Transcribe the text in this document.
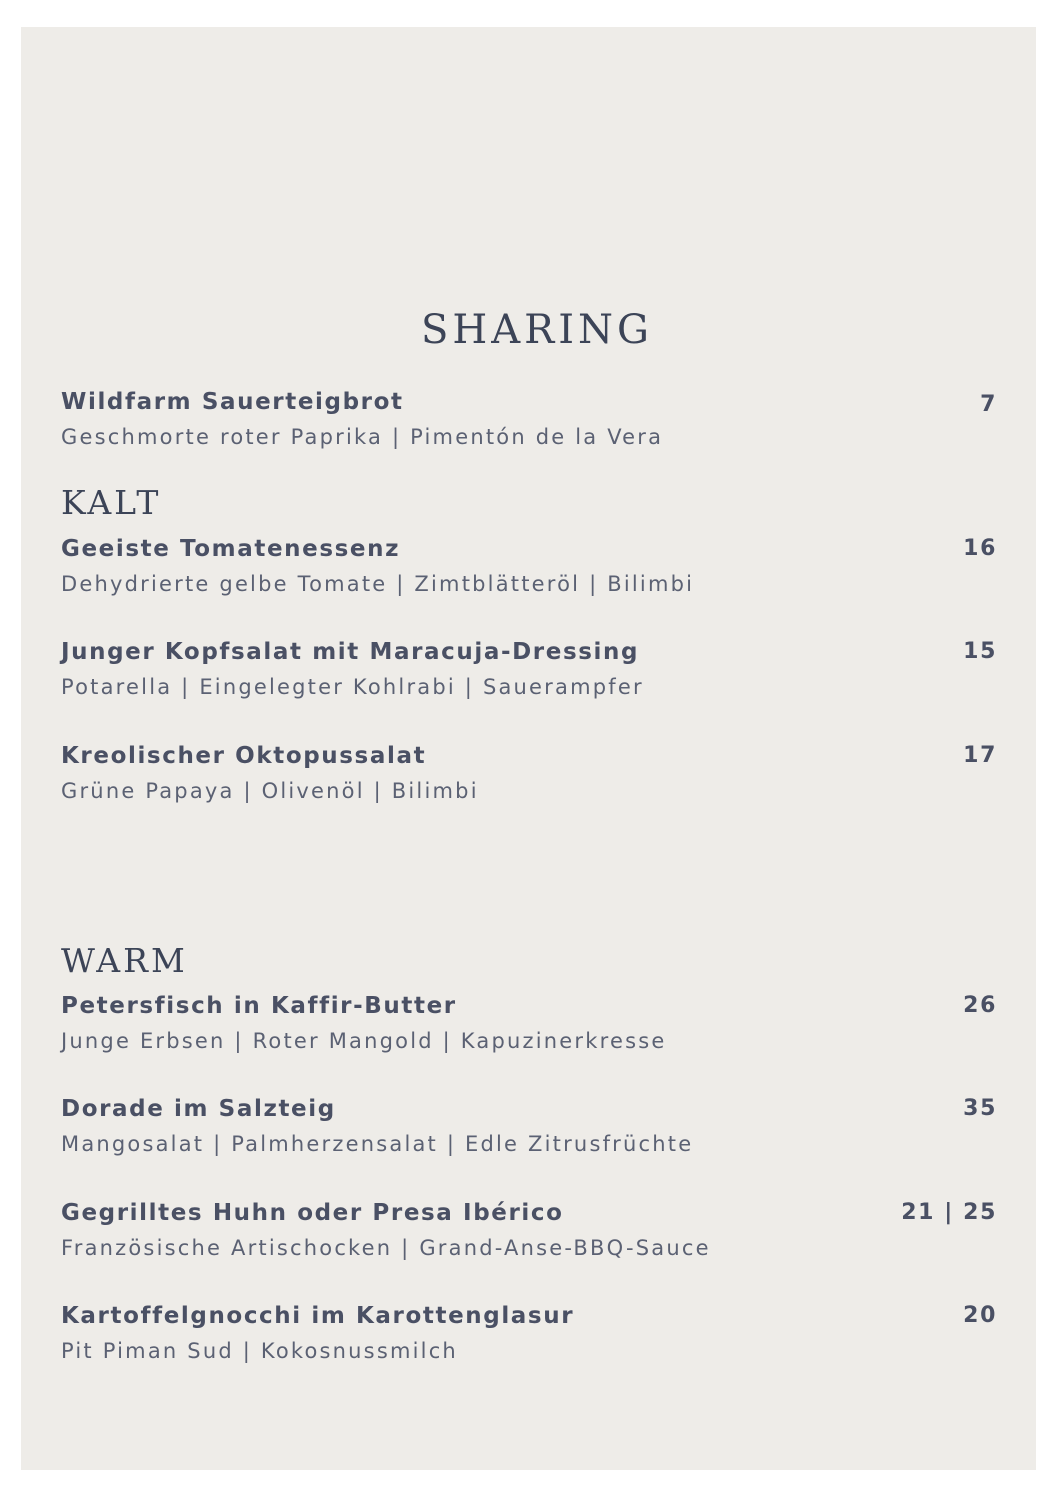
SHARING
Wildfarm Sauerteigbrot	7
Geschmorte roter Paprika | Pimentón de la Vera
KALT
Geeiste Tomatenessenz	16
Dehydrierte gelbe Tomate | Zimtblätteröl | Bilimbi
Junger Kopfsalat mit Maracuja-Dressing	15
Potarella | Eingelegter Kohlrabi | Sauerampfer
Kreolischer Oktopussalat	17
Grüne Papaya | Olivenöl | Bilimbi
WARM
Petersfisch in Kaffir-Butter	26
Junge Erbsen | Roter Mangold | Kapuzinerkresse
Dorade im Salzteig	35
Mangosalat | Palmherzensalat | Edle Zitrusfrüchte
Gegrilltes Huhn oder Presa Ibérico	21 | 25
Französische Artischocken | Grand-Anse-BBQ-Sauce
Kartoffelgnocchi im Karottenglasur	20
Pit Piman Sud | Kokosnussmilch
